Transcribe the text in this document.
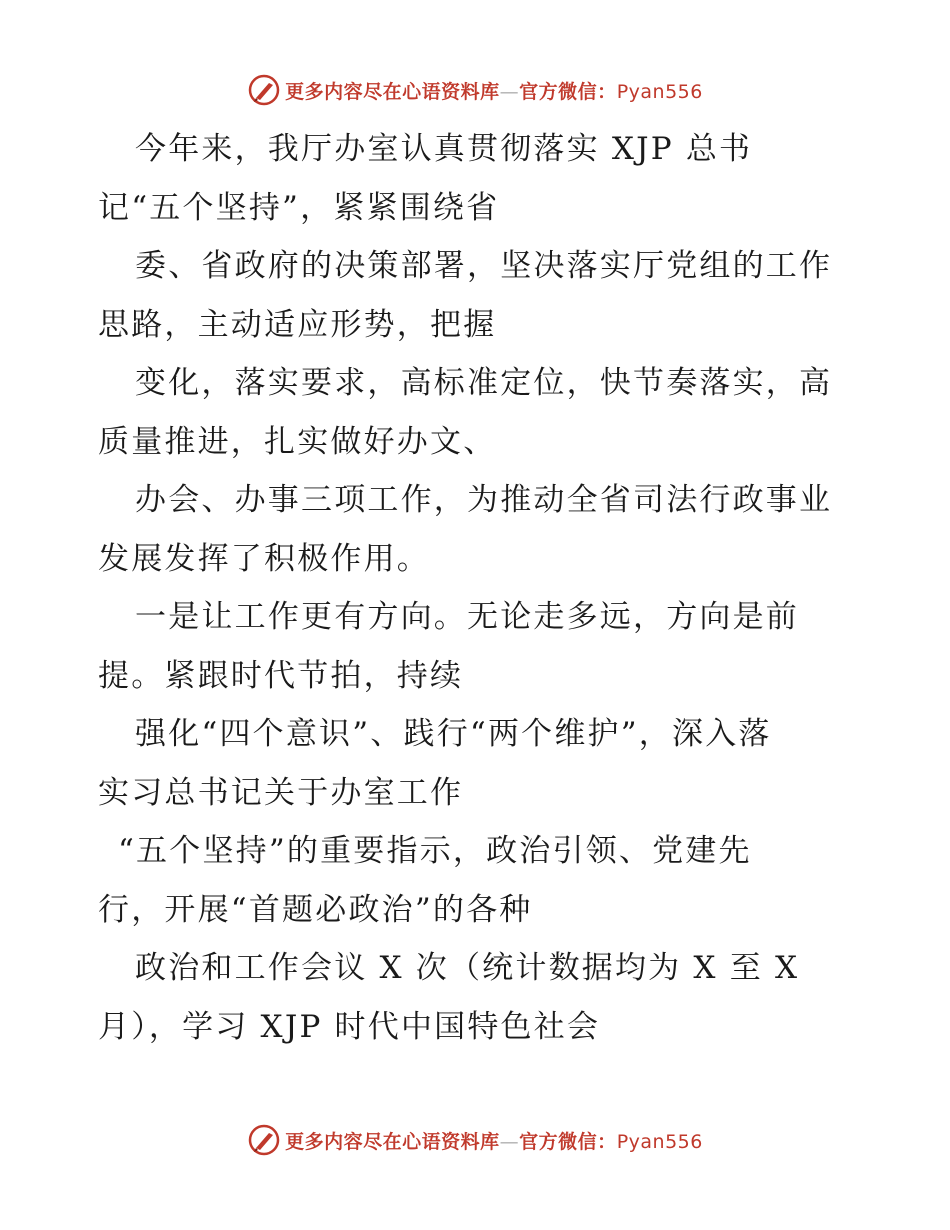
更多内容尽在心语资料库—官方微信：Pyan556
今年来，我厅办室认真贯彻落实 XJP 总书
记“五个坚持”，紧紧围绕省
委、省政府的决策部署，坚决落实厅党组的工作
思路，主动适应形势，把握
变化，落实要求，高标准定位，快节奏落实，高
质量推进，扎实做好办文、
办会、办事三项工作，为推动全省司法行政事业
发展发挥了积极作用。
一是让工作更有方向。无论走多远，方向是前
提。紧跟时代节拍，持续
强化“四个意识”、践行“两个维护”，深入落
实习总书记关于办室工作
“五个坚持”的重要指示，政治引领、党建先
行，开展“首题必政治”的各种
政治和工作会议 X 次（统计数据均为 X 至 X
月），学习 XJP 时代中国特色社会
更多内容尽在心语资料库—官方微信：Pyan556
